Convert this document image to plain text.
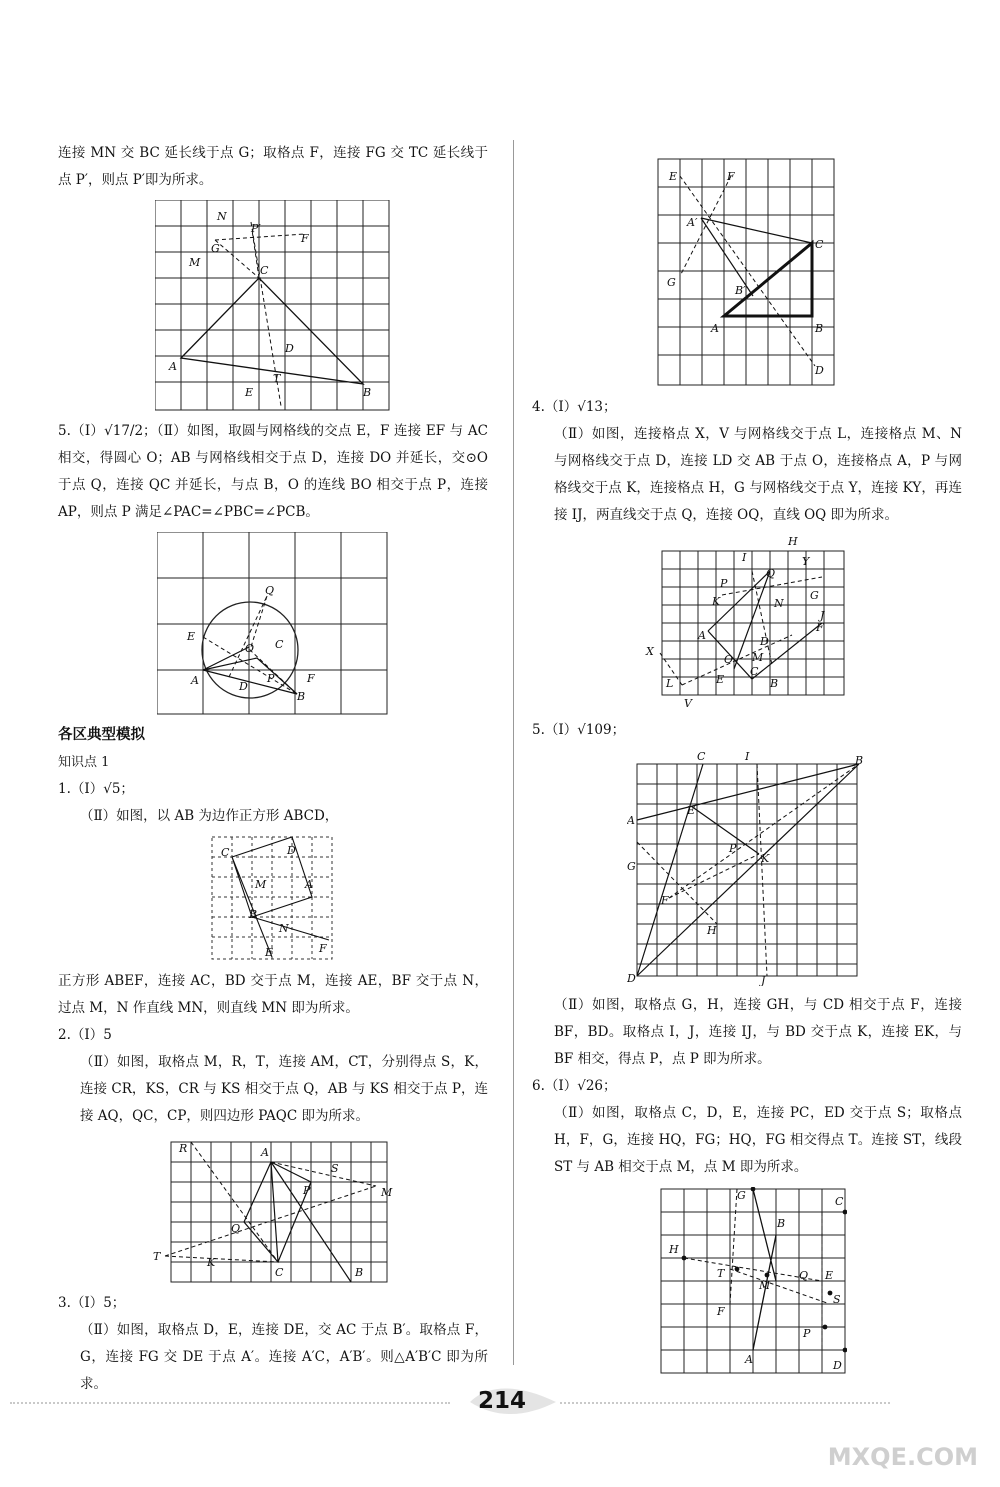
连接 MN 交 BC 延长线于点 G；取格点 F，连接 FG 交 TC 延长线于点 P′，则点 P′即为所求。

N
P′
F
M
G
C
D
A
E
T
B

5.（Ⅰ）√17/2；（Ⅱ）如图，取圆与网格线的交点 E，F 连接 EF 与 AC 相交，得圆心 O；AB 与网格线相交于点 D，连接 DO 并延长，交⊙O 于点 Q，连接 QC 并延长，与点 B，O 的连线 BO 相交于点 P，连接 AP，则点 P 满足∠PAC=∠PBC=∠PCB。

Q
E
O C
A	D
P	F
B

各区典型模拟

知识点 1

1.（Ⅰ）√5；

（Ⅱ）如图，以 AB 为边作正方形 ABCD，

C	D
M	A
B
N
E	F

正方形 ABEF，连接 AC，BD 交于点 M，连接 AE，BF 交于点 N，过点 M，N 作直线 MN，则直线 MN 即为所求。

2.（Ⅰ）5

（Ⅱ）如图，取格点 M，R，T，连接 AM，CT，分别得点 S，K，连接 CR，KS，CR 与 KS 相交于点 Q，AB 与 KS 相交于点 P，连接 AQ，QC，CP，则四边形 PAQC 即为所求。

R	A
S
M
P
Q
T	K
C	B

3.（Ⅰ）5；

（Ⅱ）如图，取格点 D，E，连接 DE，交 AC 于点 B′。取格点 F，G，连接 FG 交 DE 于点 A′。连接 A′C，A′B′。则△A′B′C 即为所求。

E	F
A′
C
G
B′
A	B
D

4.（Ⅰ）√13；

（Ⅱ）如图，连接格点 X，V 与网格线交于点 L，连接格点 M、N 与网格线交于点 D，连接 LD 交 AB 于点 O，连接格点 A，P 与网格线交于点 K，连接格点 H，G 与网格线交于点 Y，连接 KY，再连接 IJ，两直线交于点 Q，连接 OQ，直线 OQ 即为所求。

H
I	Y
P
Q
K	N
G
J
F
A	D
M
O
X
C
E	B
L
V

5.（Ⅰ）√109；

C	I	B
A
E
G
P
K
F
H
D	J

（Ⅱ）如图，取格点 G，H，连接 GH，与 CD 相交于点 F，连接 BF，BD。取格点 I，J，连接 IJ，与 BD 交于点 K，连接 EK，与 BF 相交，得点 P，点 P 即为所求。

6.（Ⅰ）√26；

（Ⅱ）如图，取格点 C，D，E，连接 PC，ED 交于点 S；取格点 H，F，G，连接 HQ，FG；HQ，FG 相交得点 T。连接 ST，线段 ST 与 AB 相交于点 M，点 M 即为所求。

G	C
B
H
T	Q E
M
S
F
P
A	D
214
MXQE.COM
